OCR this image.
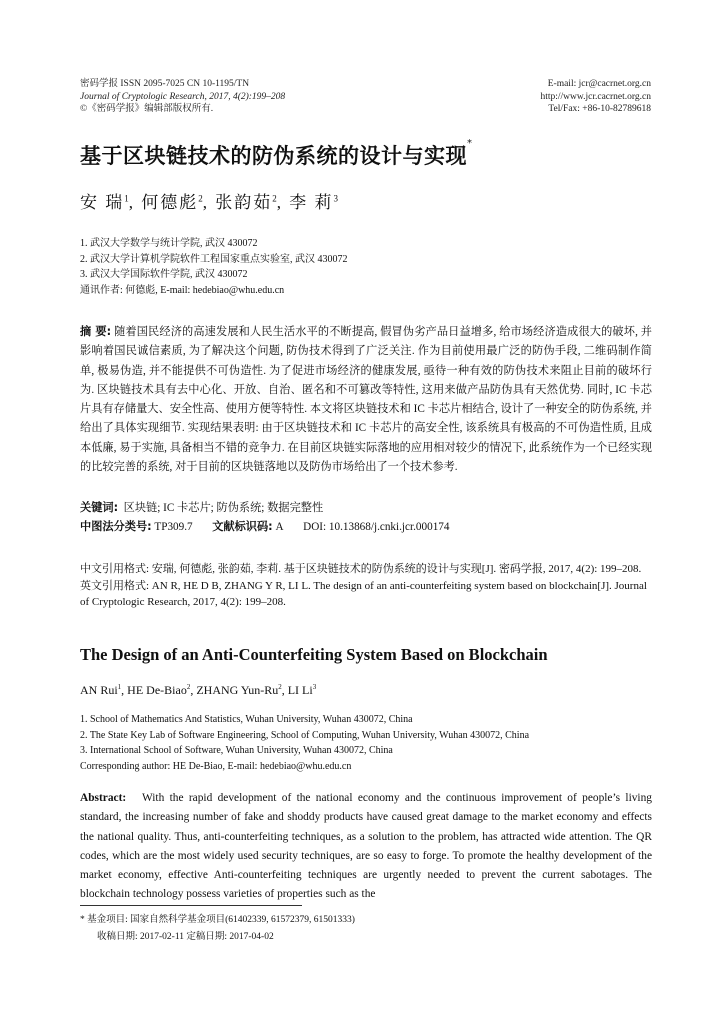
密码学报 ISSN 2095-7025 CN 10-1195/TN
Journal of Cryptologic Research, 2017, 4(2):199–208
©《密码学报》编辑部版权所有.
E-mail: jcr@cacrnet.org.cn
http://www.jcr.cacrnet.org.cn
Tel/Fax: +86-10-82789618
基于区块链技术的防伪系统的设计与实现*
安 瑞$^1$, 何德彪$^2$, 张韵茹$^2$, 李 莉$^3$
1. 武汉大学数学与统计学院, 武汉 430072
2. 武汉大学计算机学院软件工程国家重点实验室, 武汉 430072
3. 武汉大学国际软件学院, 武汉 430072
通讯作者: 何德彪, E-mail: hedebiao@whu.edu.cn
摘 要: 随着国民经济的高速发展和人民生活水平的不断提高, 假冒伪劣产品日益增多, 给市场经济造成很大的破坏, 并影响着国民诚信素质, 为了解决这个问题, 防伪技术得到了广泛关注. 作为目前使用最广泛的防伪手段, 二维码制作简单, 极易伪造, 并不能提供不可伪造性. 为了促进市场经济的健康发展, 亟待一种有效的防伪技术来阻止目前的破坏行为. 区块链技术具有去中心化、开放、自治、匿名和不可篡改等特性, 这用来做产品防伪具有天然优势. 同时, IC 卡芯片具有存储量大、安全性高、使用方便等特性. 本文将区块链技术和 IC 卡芯片相结合, 设计了一种安全的防伪系统, 并给出了具体实现细节. 实现结果表明: 由于区块链技术和 IC 卡芯片的高安全性, 该系统具有极高的不可伪造性质, 且成本低廉, 易于实施, 具备相当不错的竞争力. 在目前区块链实际落地的应用相对较少的情况下, 此系统作为一个已经实现的比较完善的系统, 对于目前的区块链落地以及防伪市场给出了一个技术参考.
关键词: 区块链; IC 卡芯片; 防伪系统; 数据完整性
中图法分类号: TP309.7 文献标识码: A DOI: 10.13868/j.cnki.jcr.000174
中文引用格式: 安瑞, 何德彪, 张韵茹, 李莉. 基于区块链技术的防伪系统的设计与实现[J]. 密码学报, 2017, 4(2): 199–208.
英文引用格式: AN R, HE D B, ZHANG Y R, LI L. The design of an anti-counterfeiting system based on blockchain[J]. Journal of Cryptologic Research, 2017, 4(2): 199–208.
The Design of an Anti-Counterfeiting System Based on Blockchain
AN Rui$^1$, HE De-Biao$^2$, ZHANG Yun-Ru$^2$, LI Li$^3$
1. School of Mathematics And Statistics, Wuhan University, Wuhan 430072, China
2. The State Key Lab of Software Engineering, School of Computing, Wuhan University, Wuhan 430072, China
3. International School of Software, Wuhan University, Wuhan 430072, China
Corresponding author: HE De-Biao, E-mail: hedebiao@whu.edu.cn
Abstract: With the rapid development of the national economy and the continuous improvement of people’s living standard, the increasing number of fake and shoddy products have caused great damage to the market economy and effects the national quality. Thus, anti-counterfeiting techniques, as a solution to the problem, has attracted wide attention. The QR codes, which are the most widely used security techniques, are so easy to forge. To promote the healthy development of the market economy, effective Anti-counterfeiting techniques are urgently needed to prevent the current sabotages. The blockchain technology possess varieties of properties such as the
* 基金项目: 国家自然科学基金项目(61402339, 61572379, 61501333)
收稿日期: 2017-02-11 定稿日期: 2017-04-02
